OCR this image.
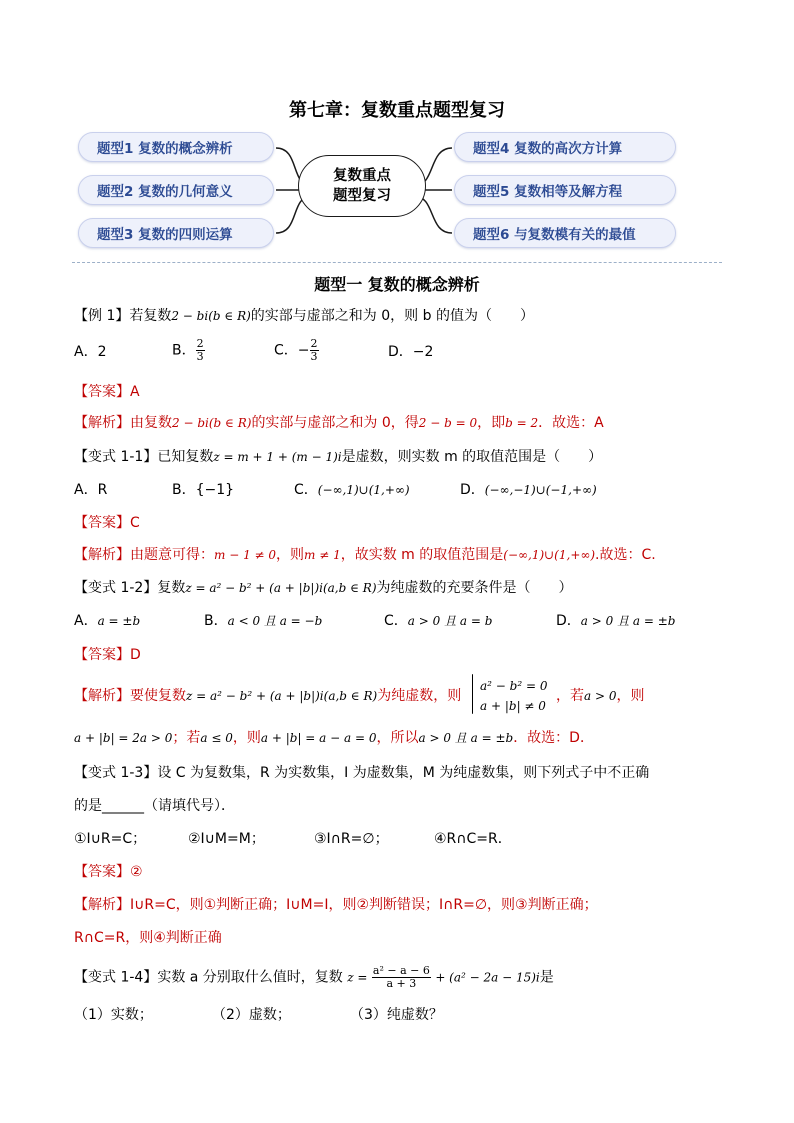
第七章：复数重点题型复习
题型1 复数的概念辨析
题型2 复数的几何意义
题型3 复数的四则运算
题型4 复数的高次方计算
题型5 复数相等及解方程
题型6 与复数模有关的最值
复数重点
题型复习
题型一 复数的概念辨析
【例 1】若复数2 − bi(b ∈ R)的实部与虚部之和为 0，则 b 的值为（　　）
A．2	B． $\frac{2}{3}$	C．− $\frac{2}{3}$	D．−2
【答案】A
【解析】由复数2 − bi(b ∈ R)的实部与虚部之和为 0，得2 − b = 0，即b = 2．故选：A
【变式 1-1】已知复数z = m + 1 + (m − 1)i是虚数，则实数 m 的取值范围是（　　）
A．R	B．{−1}	C．(−∞,1)∪(1,+∞)	D．(−∞,−1)∪(−1,+∞)
【答案】C
【解析】由题意可得：m − 1 ≠ 0，则m ≠ 1，故实数 m 的取值范围是(−∞,1)∪(1,+∞).故选：C.
【变式 1-2】复数z = a² − b² + (a + |b|)i(a,b ∈ R)为纯虚数的充要条件是（　　）
A．a = ±b	B．a < 0 且 a = −b	C．a > 0 且 a = b	D．a > 0 且 a = ±b
【答案】D
【解析】要使复数z = a² − b² + (a + |b|)i(a,b ∈ R)为纯虚数，则
a² − b² = 0
a + |b| ≠ 0
，若a > 0，则
a + |b| = 2a > 0；若a ≤ 0，则a + |b| = a − a = 0，所以a > 0 且 a = ±b．故选：D．
【变式 1-3】设 C 为复数集，R 为实数集，I 为虚数集，M 为纯虚数集，则下列式子中不正确
的是______（请填代号）．
①I∪R=C；	②I∪M=M；	③I∩R=∅；	④R∩C=R．
【答案】②
【解析】I∪R=C，则①判断正确；I∪M=I，则②判断错误；I∩R=∅，则③判断正确；
R∩C=R，则④判断正确
【变式 1-4】实数 a 分别取什么值时，复数 $z = \frac{\text{a² − a − 6}}{a + 3} + (a^2 - 2a - 15)i$是
（1）实数；	（2）虚数；	（3）纯虚数？
